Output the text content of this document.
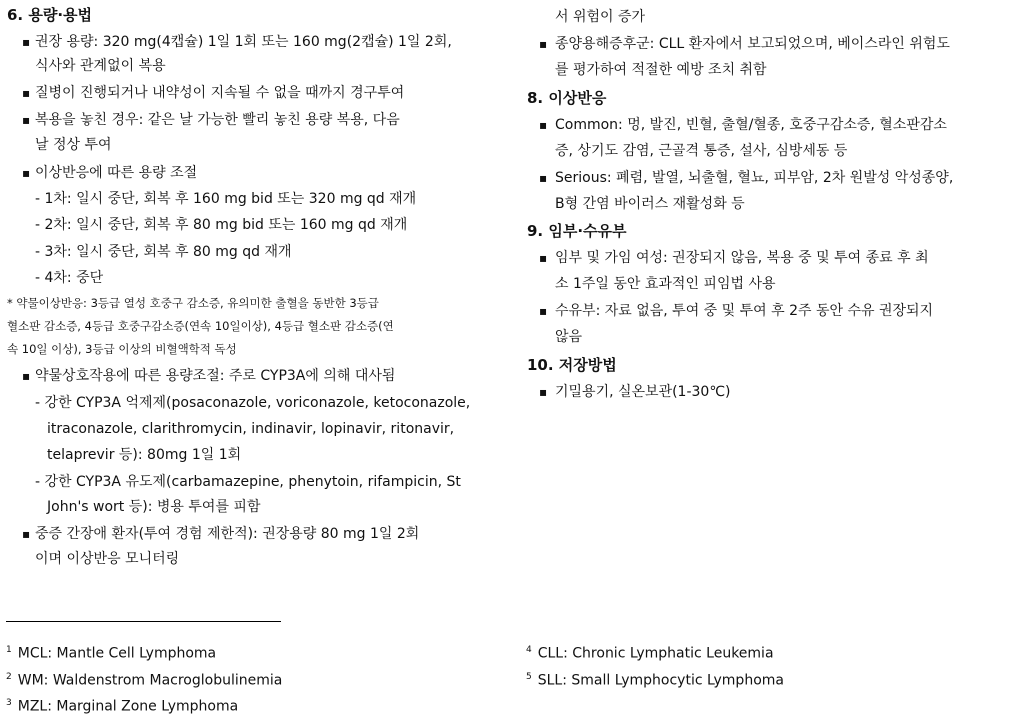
6. 용량·용법
▪ 권장 용량: 320 mg(4캡슐) 1일 1회 또는 160 mg(2캡슐) 1일 2회,
식사와 관계없이 복용
▪ 질병이 진행되거나 내약성이 지속될 수 없을 때까지 경구투여
▪ 복용을 놓친 경우: 같은 날 가능한 빨리 놓친 용량 복용, 다음
날 정상 투여
▪ 이상반응에 따른 용량 조절
- 1차: 일시 중단, 회복 후 160 mg bid 또는 320 mg qd 재개
- 2차: 일시 중단, 회복 후 80 mg bid 또는 160 mg qd 재개
- 3차: 일시 중단, 회복 후 80 mg qd 재개
- 4차: 중단
* 약물이상반응: 3등급 열성 호중구 감소증, 유의미한 출혈을 동반한 3등급
혈소판 감소증, 4등급 호중구감소증(연속 10일이상), 4등급 혈소판 감소증(연
속 10일 이상), 3등급 이상의 비혈액학적 독성
▪ 약물상호작용에 따른 용량조절: 주로 CYP3A에 의해 대사됨
- 강한 CYP3A 억제제(posaconazole, voriconazole, ketoconazole,
itraconazole, clarithromycin, indinavir, lopinavir, ritonavir,
telaprevir 등): 80mg 1일 1회
- 강한 CYP3A 유도제(carbamazepine, phenytoin, rifampicin, St
John's wort 등): 병용 투여를 피함
▪ 중증 간장애 환자(투여 경험 제한적): 권장용량 80 mg 1일 2회
이며 이상반응 모니터링
서 위험이 증가
▪ 종양용해증후군: CLL 환자에서 보고되었으며, 베이스라인 위험도
를 평가하여 적절한 예방 조치 취함
8. 이상반응
▪ Common: 멍, 발진, 빈혈, 출혈/혈종, 호중구감소증, 혈소판감소
증, 상기도 감염, 근골격 통증, 설사, 심방세동 등
▪ Serious: 폐렴, 발열, 뇌출혈, 혈뇨, 피부암, 2차 원발성 악성종양,
B형 간염 바이러스 재활성화 등
9. 임부·수유부
▪ 임부 및 가임 여성: 권장되지 않음, 복용 중 및 투여 종료 후 최
소 1주일 동안 효과적인 피임법 사용
▪ 수유부: 자료 없음, 투여 중 및 투여 후 2주 동안 수유 권장되지
않음
10. 저장방법
▪ 기밀용기, 실온보관(1-30℃)
$^1$ MCL: Mantle Cell Lymphoma
$^2$ WM: Waldenstrom Macroglobulinemia
$^3$ MZL: Marginal Zone Lymphoma
$^4$ CLL: Chronic Lymphatic Leukemia
$^5$ SLL: Small Lymphocytic Lymphoma
